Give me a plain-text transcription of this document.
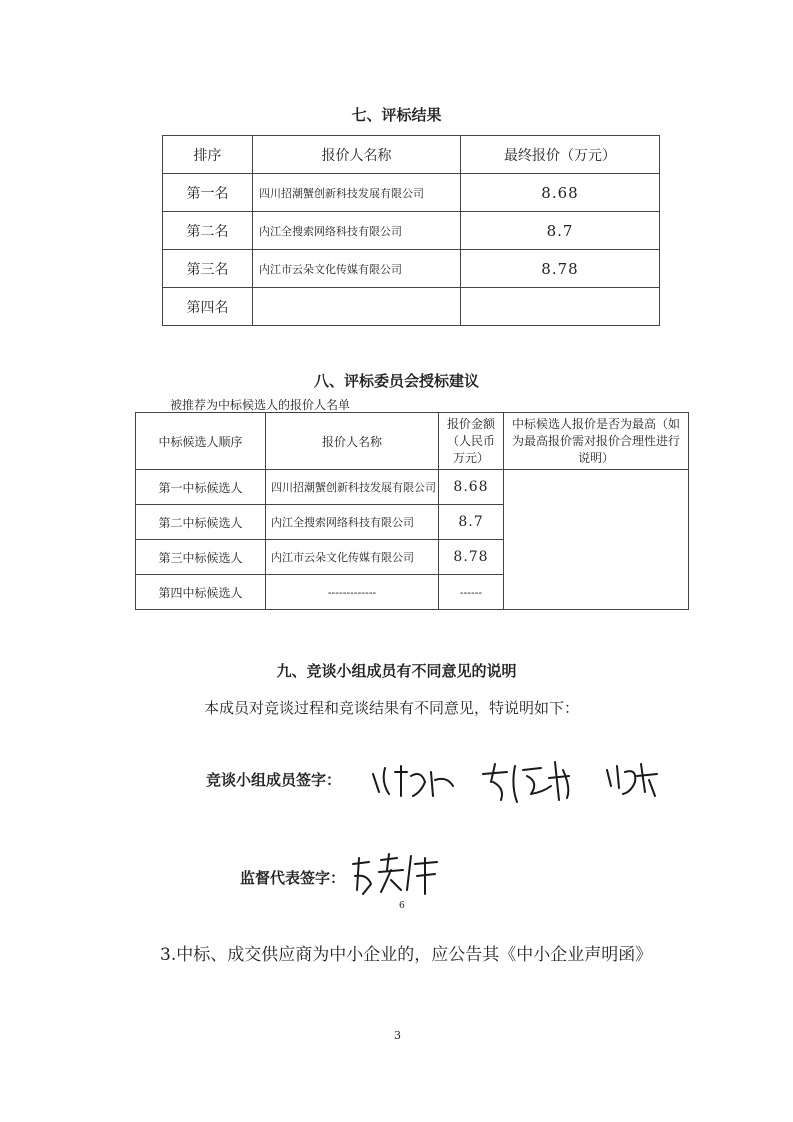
七、评标结果
排序	报价人名称	最终报价（万元）
第一名	四川招潮蟹创新科技发展有限公司	8.68
第二名	内江全搜索网络科技有限公司	8.7
第三名	内江市云朵文化传媒有限公司	8.78
第四名		
八、评标委员会授标建议
被推荐为中标候选人的报价人名单
中标候选人顺序	报价人名称	报价金额（人民币万元）	中标候选人报价是否为最高（如为最高报价需对报价合理性进行说明）
第一中标候选人	四川招潮蟹创新科技发展有限公司	8.68	
第二中标候选人	内江全搜索网络科技有限公司	8.7	
第三中标候选人	内江市云朵文化传媒有限公司	8.78	
第四中标候选人	-------------	------	
九、竞谈小组成员有不同意见的说明
本成员对竞谈过程和竞谈结果有不同意见，特说明如下：
竞谈小组成员签字：
监督代表签字：
6
3.中标、成交供应商为中小企业的，应公告其《中小企业声明函》
3
